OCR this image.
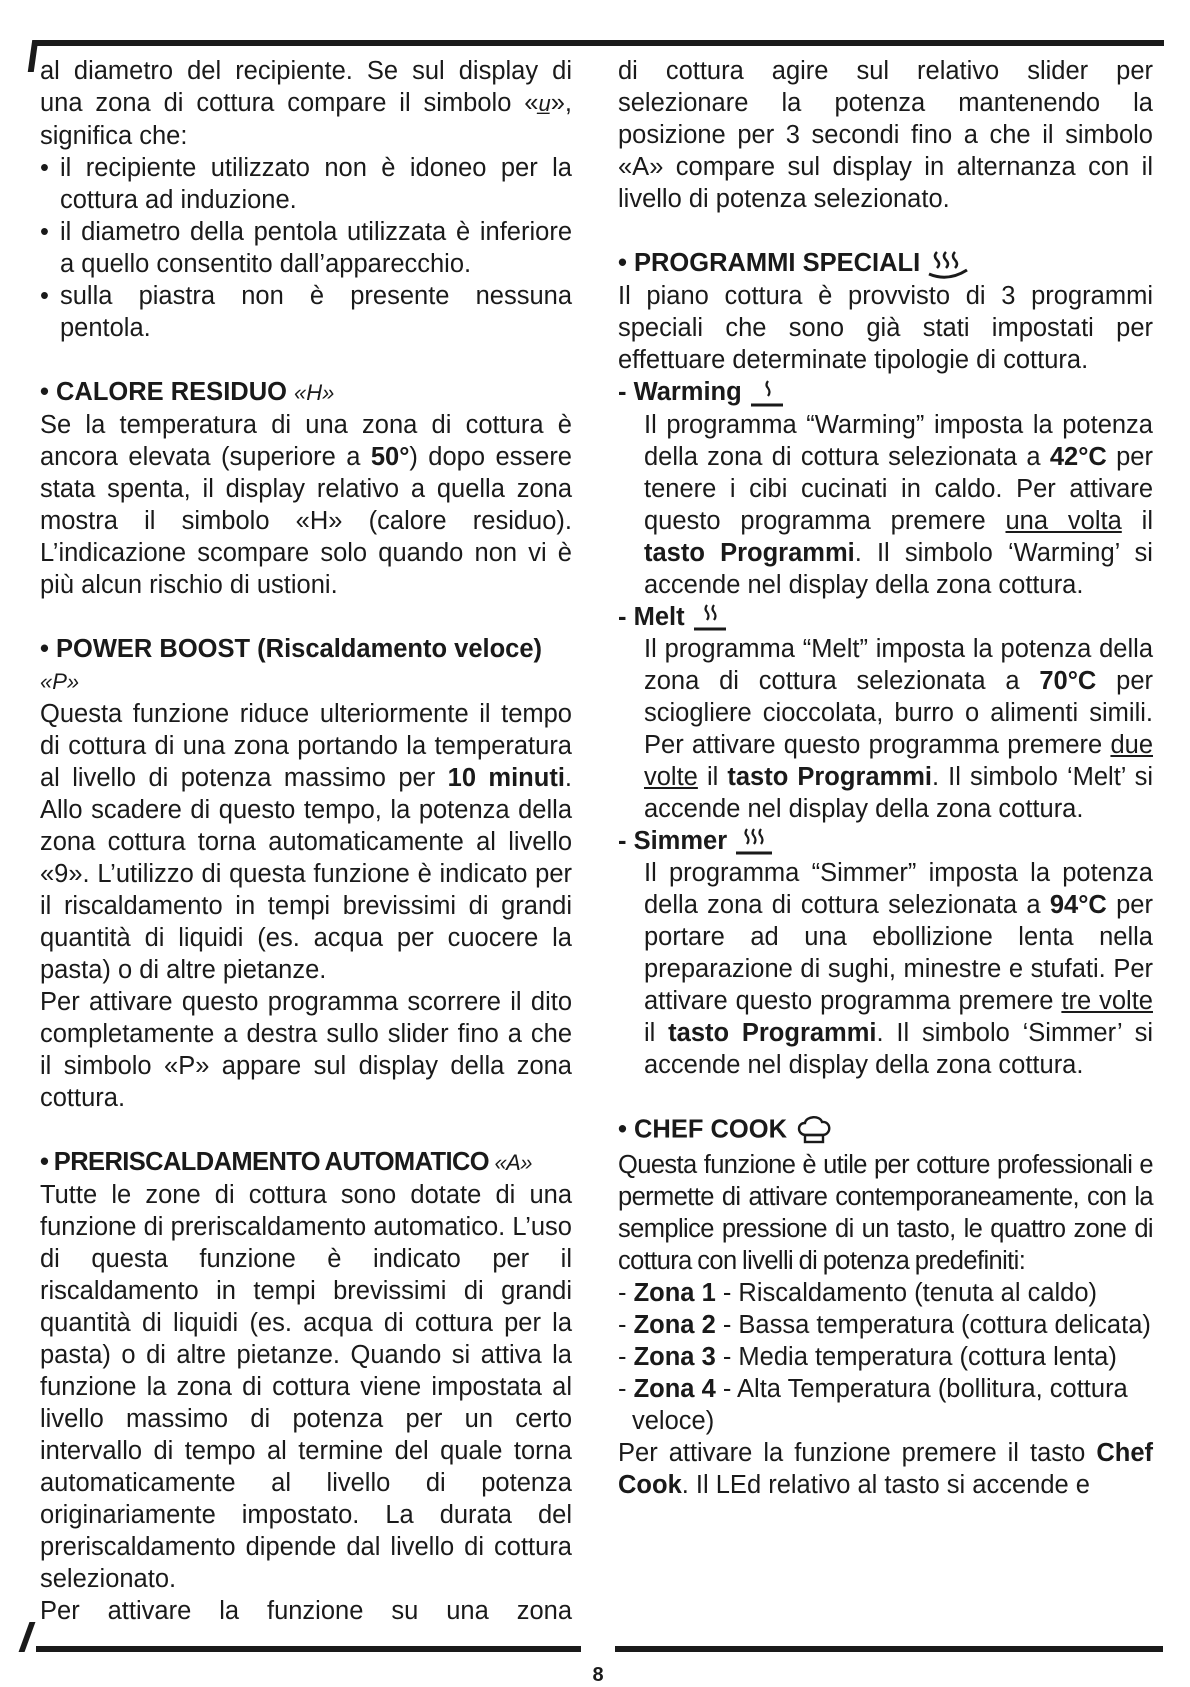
8

al diametro del recipiente. Se sul display di una zona di cottura compare il simbolo «u̲», significa che:

• il recipiente utilizzato non è idoneo per la cottura ad induzione.
• il diametro della pentola utilizzata è inferiore a quello consentito dall’apparecchio.
• sulla piastra non è presente nessuna pentola.

• CALORE RESIDUO «H»

Se la temperatura di una zona di cottura è ancora elevata (superiore a 50°) dopo essere stata spenta, il display relativo a quella zona mostra il simbolo «H» (calore residuo). L’indicazione scompare solo quando non vi è più alcun rischio di ustioni.

• POWER BOOST (Riscaldamento veloce) «P»

Questa funzione riduce ulteriormente il tempo di cottura di una zona portando la temperatura al livello di potenza massimo per 10 minuti. Allo scadere di questo tempo, la potenza della zona cottura torna automaticamente al livello «9». L’utilizzo di questa funzione è indicato per il riscaldamento in tempi brevissimi di grandi quantità di liquidi (es. acqua per cuocere la pasta) o di altre pietanze.

Per attivare questo programma scorrere il dito completamente a destra sullo slider fino a che il simbolo «P» appare sul display della zona cottura.

• PRERISCALDAMENTO AUTOMATICO «A»

Tutte le zone di cottura sono dotate di una funzione di preriscaldamento automatico. L’uso di questa funzione è indicato per il riscaldamento in tempi brevissimi di grandi quantità di liquidi (es. acqua di cottura per la pasta) o di altre pietanze. Quando si attiva la funzione la zona di cottura viene impostata al livello massimo di potenza per un certo intervallo di tempo al termine del quale torna automaticamente al livello di potenza originariamente impostato. La durata del preriscaldamento dipende dal livello di cottura selezionato.

Per attivare la funzione su una zona

di cottura agire sul relativo slider per selezionare la potenza mantenendo la posizione per 3 secondi fino a che il simbolo «A» compare sul display in alternanza con il livello di potenza selezionato.

• PROGRAMMI SPECIALI

Il piano cottura è provvisto di 3 programmi speciali che sono già stati impostati per effettuare determinate tipologie di cottura.

- Warming

Il programma “Warming” imposta la potenza della zona di cottura selezionata a 42°C per tenere i cibi cucinati in caldo. Per attivare questo programma premere una volta il tasto Programmi. Il simbolo ‘Warming’ si accende nel display della zona cottura.

- Melt

Il programma “Melt” imposta la potenza della zona di cottura selezionata a 70°C per sciogliere cioccolata, burro o alimenti simili. Per attivare questo programma premere due volte il tasto Programmi. Il simbolo ‘Melt’ si accende nel display della zona cottura.

- Simmer

Il programma “Simmer” imposta la potenza della zona di cottura selezionata a 94°C per portare ad una ebollizione lenta nella preparazione di sughi, minestre e stufati. Per attivare questo programma premere tre volte il tasto Programmi. Il simbolo ‘Simmer’ si accende nel display della zona cottura.

• CHEF COOK

Questa funzione è utile per cotture professionali e permette di attivare contemporaneamente, con la semplice pressione di un tasto, le quattro zone di cottura con livelli di potenza predefiniti:

- Zona 1 - Riscaldamento (tenuta al caldo)
- Zona 2 - Bassa temperatura (cottura delicata)
- Zona 3 - Media temperatura (cottura lenta)
- Zona 4 - Alta Temperatura (bollitura, cottura veloce)

Per attivare la funzione premere il tasto Chef Cook. Il LEd relativo al tasto si accende e
